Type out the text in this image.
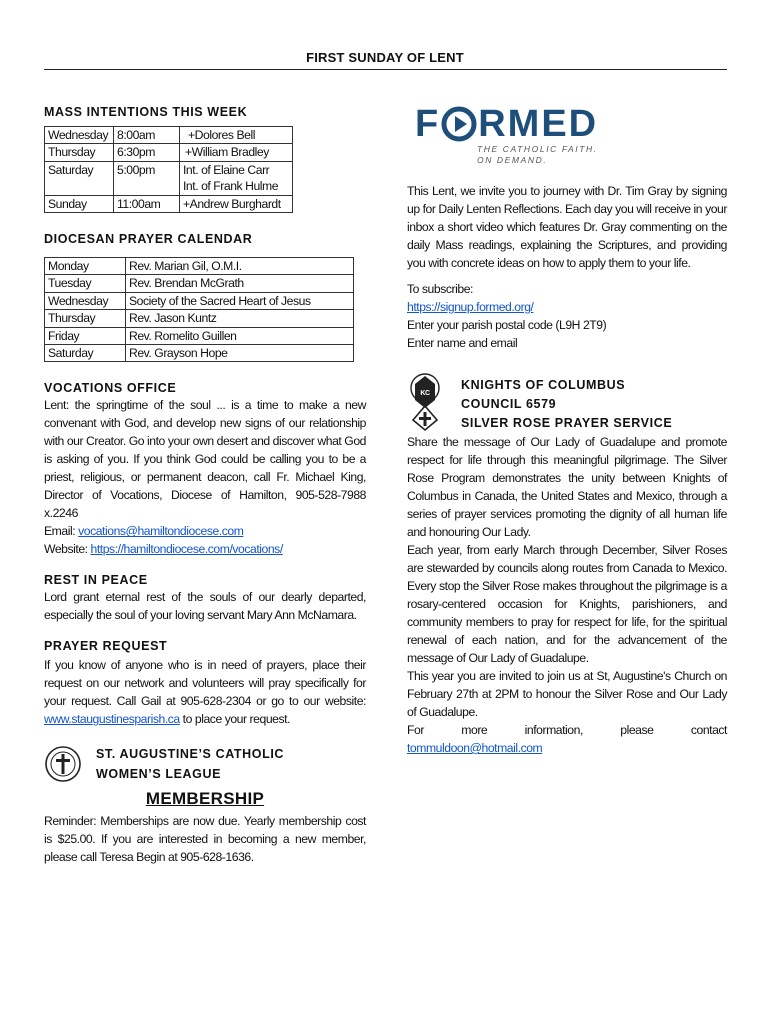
FIRST SUNDAY OF LENT
MASS INTENTIONS THIS WEEK
Wednesday	8:00am	+Dolores Bell
Thursday	6:30pm	+William Bradley
Saturday	5:00pm	Int. of Elaine Carr
Int. of Frank Hulme

Sunday	11:00am	+Andrew Burghardt
DIOCESAN PRAYER CALENDAR
Monday	Rev. Marian Gil, O.M.I.
Tuesday	Rev. Brendan McGrath
Wednesday	Society of the Sacred Heart of Jesus
Thursday	Rev. Jason Kuntz
Friday	Rev. Romelito Guillen
Saturday	Rev. Grayson Hope
VOCATIONS OFFICE

Lent: the springtime of the soul ... is a time to make a new convenant with God, and develop new signs of our relationship with our Creator. Go into your own desert and discover what God is asking of you. If you think God could be calling you to be a priest, religious, or permanent deacon, call Fr. Michael King, Director of Vocations, Diocese of Hamilton, 905-528-7988 x.2246

Email: vocations@hamiltondiocese.com
Website: https://hamiltondiocese.com/vocations/
REST IN PEACE

Lord grant eternal rest of the souls of our dearly departed, especially the soul of your loving servant Mary Ann McNamara.

PRAYER REQUEST

If you know of anyone who is in need of prayers, place their request on our network and volunteers will pray specifically for your request. Call Gail at 905-628-2304 or go to our website: www.staugustinesparish.ca to place your request.

ST. AUGUSTINE’S CATHOLIC
WOMEN’S LEAGUE
MEMBERSHIP

Reminder: Memberships are now due. Yearly membership cost is $25.00. If you are interested in becoming a new member, please call Teresa Begin at 905-628-1636.

F RMED
THE CATHOLIC FAITH.
ON DEMAND.

This Lent, we invite you to journey with Dr. Tim Gray by signing up for Daily Lenten Reflections. Each day you will receive in your inbox a short video which features Dr. Gray commenting on the daily Mass readings, explaining the Scriptures, and providing you with concrete ideas on how to apply them to your life.

To subscribe:
https://signup.formed.org/
Enter your parish postal code (L9H 2T9)
Enter name and email
KC
KNIGHTS OF COLUMBUS
COUNCIL 6579
SILVER ROSE PRAYER SERVICE

Share the message of Our Lady of Guadalupe and promote respect for life through this meaningful pilgrimage. The Silver Rose Program demonstrates the unity between Knights of Columbus in Canada, the United States and Mexico, through a series of prayer services promoting the dignity of all human life and honouring Our Lady.

Each year, from early March through December, Silver Roses are stewarded by councils along routes from Canada to Mexico. Every stop the Silver Rose makes throughout the pilgrimage is a rosary-centered occasion for Knights, parishioners, and community members to pray for respect for life, for the spiritual renewal of each nation, and for the advancement of the message of Our Lady of Guadalupe.

This year you are invited to join us at St, Augustine's Church on February 27th at 2PM to honour the Silver Rose and Our Lady of Guadalupe.

For	more	information,	please	contact
tommuldoon@hotmail.com
